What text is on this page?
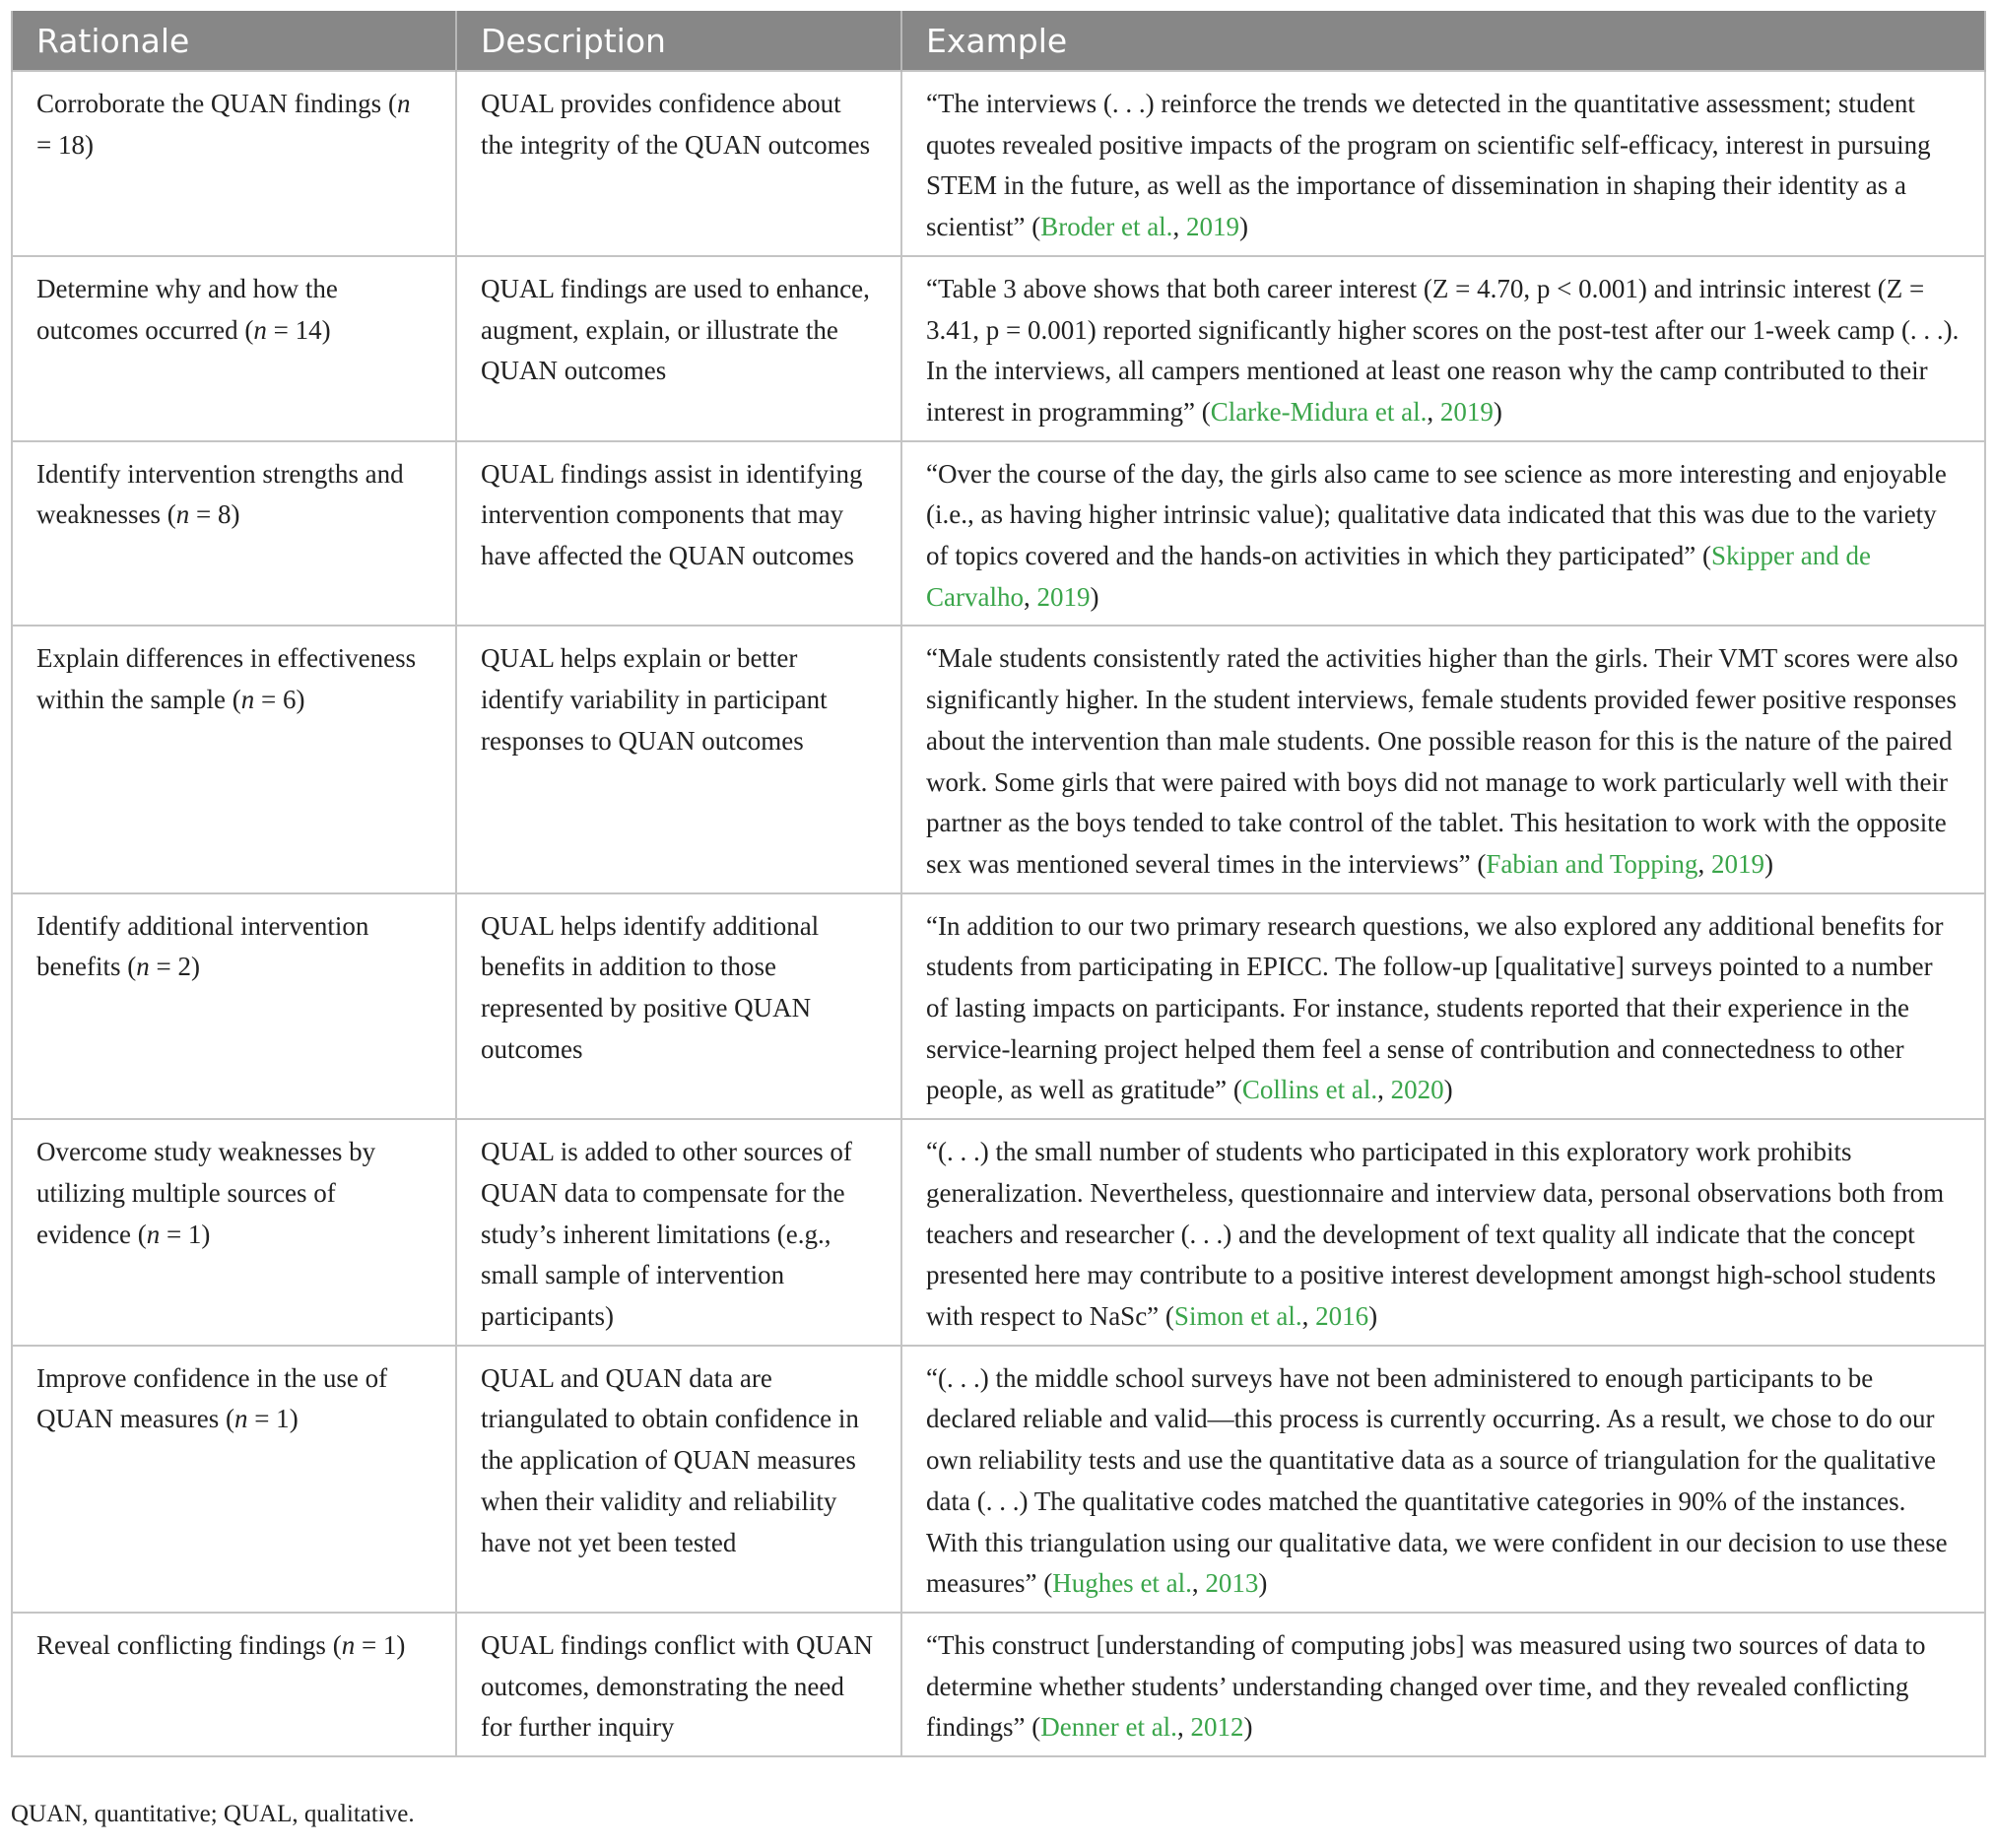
Rationale	Description	Example
Corroborate the QUAN findings (n = 18)	QUAL provides confidence about the integrity of the QUAN outcomes	“The interviews (. . .) reinforce the trends we detected in the quantitative assessment; student quotes revealed positive impacts of the program on scientific self-efficacy, interest in pursuing STEM in the future, as well as the importance of dissemination in shaping their identity as a scientist” (Broder et al., 2019)
Determine why and how the outcomes occurred (n = 14)	QUAL findings are used to enhance, augment, explain, or illustrate the QUAN outcomes	“Table 3 above shows that both career interest (Z = 4.70, p < 0.001) and intrinsic interest (Z = 3.41, p = 0.001) reported significantly higher scores on the post-test after our 1-week camp (. . .). In the interviews, all campers mentioned at least one reason why the camp contributed to their interest in programming” (Clarke-Midura et al., 2019)
Identify intervention strengths and weaknesses (n = 8)	QUAL findings assist in identifying intervention components that may have affected the QUAN outcomes	“Over the course of the day, the girls also came to see science as more interesting and enjoyable (i.e., as having higher intrinsic value); qualitative data indicated that this was due to the variety of topics covered and the hands-on activities in which they participated” (Skipper and de Carvalho, 2019)
Explain differences in effectiveness within the sample (n = 6)	QUAL helps explain or better identify variability in participant responses to QUAN outcomes	“Male students consistently rated the activities higher than the girls. Their VMT scores were also significantly higher. In the student interviews, female students provided fewer positive responses about the intervention than male students. One possible reason for this is the nature of the paired work. Some girls that were paired with boys did not manage to work particularly well with their partner as the boys tended to take control of the tablet. This hesitation to work with the opposite sex was mentioned several times in the interviews” (Fabian and Topping, 2019)
Identify additional intervention benefits (n = 2)	QUAL helps identify additional benefits in addition to those represented by positive QUAN outcomes	“In addition to our two primary research questions, we also explored any additional benefits for students from participating in EPICC. The follow-up [qualitative] surveys pointed to a number of lasting impacts on participants. For instance, students reported that their experience in the service-learning project helped them feel a sense of contribution and connectedness to other people, as well as gratitude” (Collins et al., 2020)
Overcome study weaknesses by utilizing multiple sources of evidence (n = 1)	QUAL is added to other sources of QUAN data to compensate for the study’s inherent limitations (e.g., small sample of intervention participants)	“(. . .) the small number of students who participated in this exploratory work prohibits generalization. Nevertheless, questionnaire and interview data, personal observations both from teachers and researcher (. . .) and the development of text quality all indicate that the concept presented here may contribute to a positive interest development amongst high-school students with respect to NaSc” (Simon et al., 2016)
Improve confidence in the use of QUAN measures (n = 1)	QUAL and QUAN data are triangulated to obtain confidence in the application of QUAN measures when their validity and reliability have not yet been tested	“(. . .) the middle school surveys have not been administered to enough participants to be declared reliable and valid—this process is currently occurring. As a result, we chose to do our own reliability tests and use the quantitative data as a source of triangulation for the qualitative data (. . .) The qualitative codes matched the quantitative categories in 90% of the instances. With this triangulation using our qualitative data, we were confident in our decision to use these measures” (Hughes et al., 2013)
Reveal conflicting findings (n = 1)	QUAL findings conflict with QUAN outcomes, demonstrating the need for further inquiry	“This construct [understanding of computing jobs] was measured using two sources of data to determine whether students’ understanding changed over time, and they revealed conflicting findings” (Denner et al., 2012)
QUAN, quantitative; QUAL, qualitative.
